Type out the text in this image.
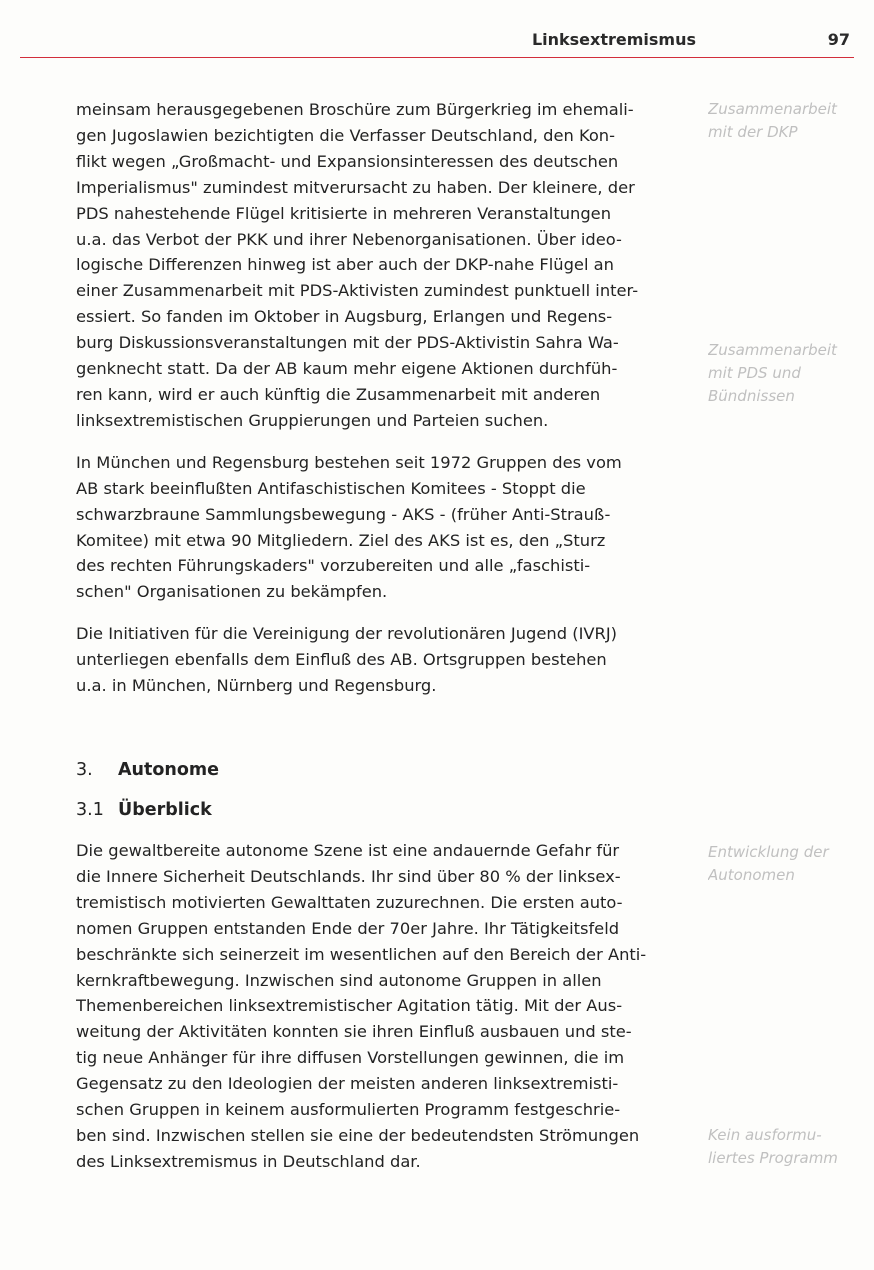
Linksextremismus	97

meinsam herausgegebenen Broschüre zum Bürgerkrieg im ehemali-
gen Jugoslawien bezichtigten die Verfasser Deutschland, den Kon-
flikt wegen „Großmacht- und Expansionsinteressen des deutschen
Imperialismus" zumindest mitverursacht zu haben. Der kleinere, der
PDS nahestehende Flügel kritisierte in mehreren Veranstaltungen
u.a. das Verbot der PKK und ihrer Nebenorganisationen. Über ideo-
logische Differenzen hinweg ist aber auch der DKP-nahe Flügel an
einer Zusammenarbeit mit PDS-Aktivisten zumindest punktuell inter-
essiert. So fanden im Oktober in Augsburg, Erlangen und Regens-
burg Diskussionsveranstaltungen mit der PDS-Aktivistin Sahra Wa-
genknecht statt. Da der AB kaum mehr eigene Aktionen durchfüh-
ren kann, wird er auch künftig die Zusammenarbeit mit anderen
linksextremistischen Gruppierungen und Parteien suchen.

In München und Regensburg bestehen seit 1972 Gruppen des vom
AB stark beeinflußten Antifaschistischen Komitees - Stoppt die
schwarzbraune Sammlungsbewegung - AKS - (früher Anti-Strauß-
Komitee) mit etwa 90 Mitgliedern. Ziel des AKS ist es, den „Sturz
des rechten Führungskaders" vorzubereiten und alle „faschisti-
schen" Organisationen zu bekämpfen.

Die Initiativen für die Vereinigung der revolutionären Jugend (IVRJ)
unterliegen ebenfalls dem Einfluß des AB. Ortsgruppen bestehen
u.a. in München, Nürnberg und Regensburg.

3. Autonome
3.1 Überblick

Die gewaltbereite autonome Szene ist eine andauernde Gefahr für
die Innere Sicherheit Deutschlands. Ihr sind über 80 % der linksex-
tremistisch motivierten Gewalttaten zuzurechnen. Die ersten auto-
nomen Gruppen entstanden Ende der 70er Jahre. Ihr Tätigkeitsfeld
beschränkte sich seinerzeit im wesentlichen auf den Bereich der Anti-
kernkraftbewegung. Inzwischen sind autonome Gruppen in allen
Themenbereichen linksextremistischer Agitation tätig. Mit der Aus-
weitung der Aktivitäten konnten sie ihren Einfluß ausbauen und ste-
tig neue Anhänger für ihre diffusen Vorstellungen gewinnen, die im
Gegensatz zu den Ideologien der meisten anderen linksextremisti-
schen Gruppen in keinem ausformulierten Programm festgeschrie-
ben sind. Inzwischen stellen sie eine der bedeutendsten Strömungen
des Linksextremismus in Deutschland dar.

Zusammenarbeit
mit der DKP
Zusammenarbeit
mit PDS und
Bündnissen
Entwicklung der
Autonomen
Kein ausformu-
liertes Programm
